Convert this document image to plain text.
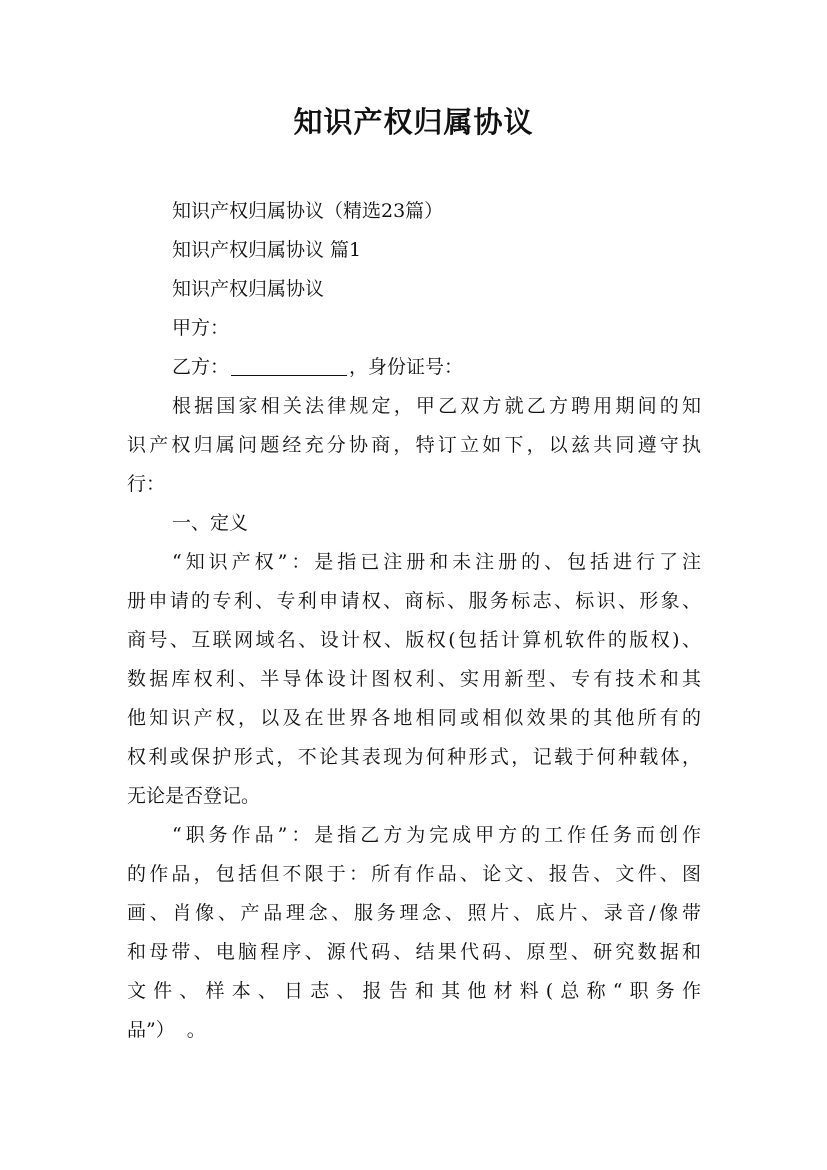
知识产权归属协议

知识产权归属协议（精选23篇）

知识产权归属协议 篇1

知识产权归属协议

甲方：

乙方：	，身份证号：

根据国家相关法律规定，甲乙双方就乙方聘用期间的知

识产权归属问题经充分协商，特订立如下，以兹共同遵守执

行：

一、定义

“知识产权”：是指已注册和未注册的、包括进行了注

册申请的专利、专利申请权、商标、服务标志、标识、形象、

商号、互联网域名、设计权、版权(包括计算机软件的版权)、

数据库权利、半导体设计图权利、实用新型、专有技术和其

他知识产权，以及在世界各地相同或相似效果的其他所有的

权利或保护形式，不论其表现为何种形式，记载于何种载体，

无论是否登记。

“职务作品”：是指乙方为完成甲方的工作任务而创作

的作品，包括但不限于：所有作品、论文、报告、文件、图

画、肖像、产品理念、服务理念、照片、底片、录音/像带

和母带、电脑程序、源代码、结果代码、原型、研究数据和

文件、样本、日志、报告和其他材料(总称“职务作

品”）  。
